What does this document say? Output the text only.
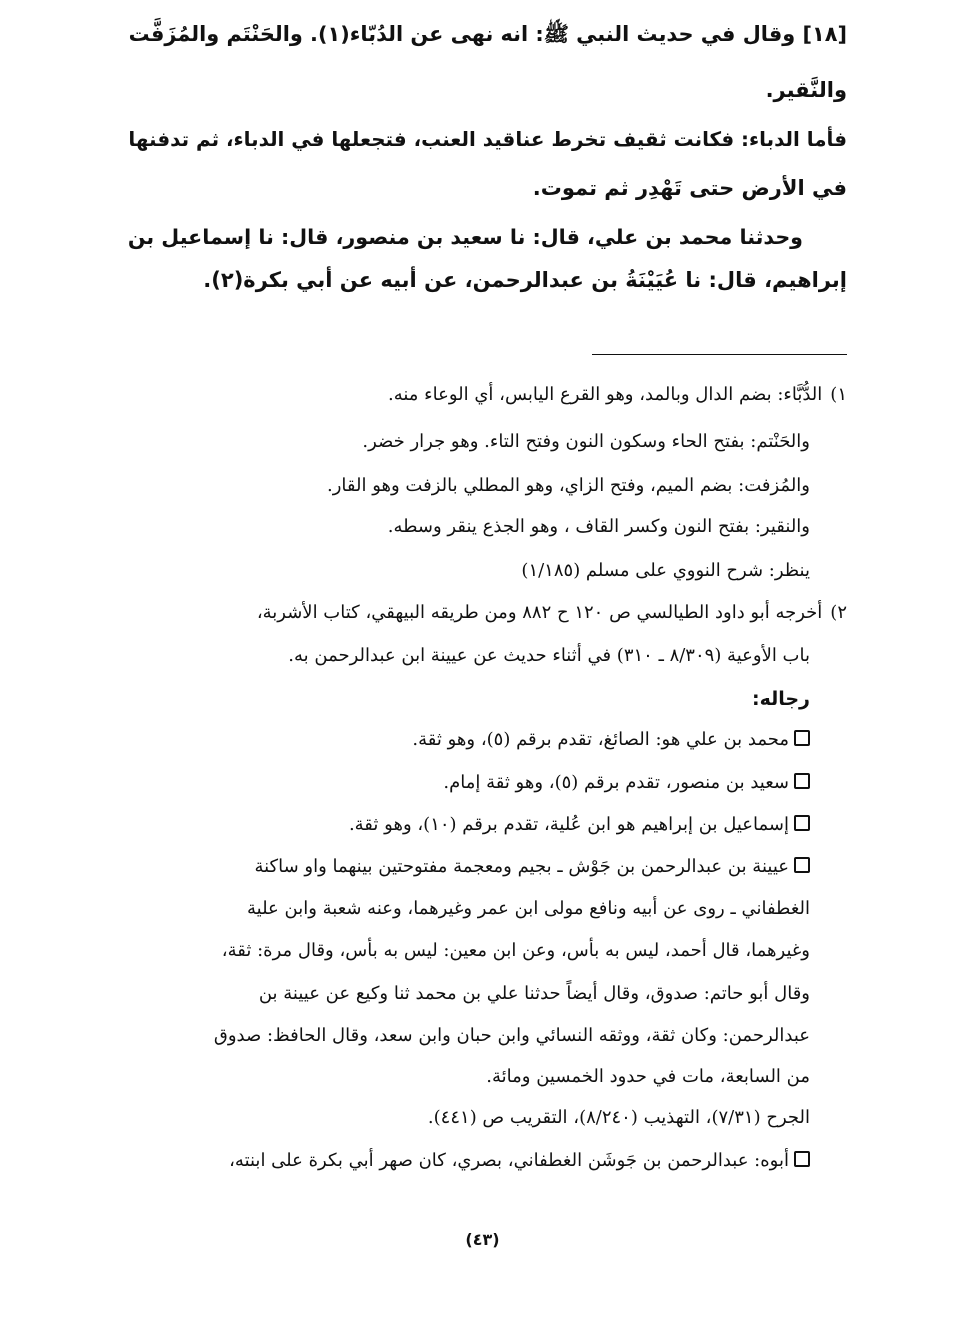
[١٨] وقال في حديث النبي ﷺ: انه نهى عن الدُبّاء(١). والحَنْتَم والمُزَفَّت
والنَّقير.
فأما الدباء: فكانت ثقيف تخرط عناقيد العنب، فتجعلها في الدباء، ثم تدفنها
في الأرض حتى تَهْدِر ثم تموت.
وحدثنا محمد بن علي، قال: نا سعيد بن منصور، قال: نا إسماعيل بن
إبراهيم، قال: نا عُيَيْنَةُ بن عبدالرحمن، عن أبيه عن أبي بكرة(٢).
١)الدُّبَّاء: بضم الدال وبالمد، وهو القرع اليابس، أي الوعاء منه.
والحَنْتم: بفتح الحاء وسكون النون وفتح التاء. وهو جرار خضر.
والمُزفت: بضم الميم، وفتح الزاي، وهو المطلي بالزفت وهو القار.
والنقير: بفتح النون وكسر القاف ، وهو الجذع ينقر وسطه.
ينظر: شرح النووي على مسلم (١/١٨٥)
٢)أخرجه أبو داود الطيالسي ص ١٢٠ ح ٨٨٢ ومن طريقه البيهقي، كتاب الأشربة،
باب الأوعية (٨/٣٠٩ ـ ٣١٠) في أثناء حديث عن عيينة ابن عبدالرحمن به.
رجاله:
محمد بن علي هو: الصائغ، تقدم برقم (٥)، وهو ثقة.
سعيد بن منصور، تقدم برقم (٥)، وهو ثقة إمام.
إسماعيل بن إبراهيم هو ابن عُلية، تقدم برقم (١٠)، وهو ثقة.
عيينة بن عبدالرحمن بن جَوْش ـ بجيم ومعجمة مفتوحتين بينهما واو ساكنة
الغطفاني ـ روى عن أبيه ونافع مولى ابن عمر وغيرهما، وعنه شعبة وابن علية
وغيرهما، قال أحمد، ليس به بأس، وعن ابن معين: ليس به بأس، وقال مرة: ثقة،
وقال أبو حاتم: صدوق، وقال أيضاً حدثنا علي بن محمد ثنا وكيع عن عيينة بن
عبدالرحمن: وكان ثقة، ووثقه النسائي وابن حبان وابن سعد، وقال الحافظ: صدوق
من السابعة، مات في حدود الخمسين ومائة.
الجرح (٧/٣١)، التهذيب (٨/٢٤٠)، التقريب ص (٤٤١).
أبوه: عبدالرحمن بن جَوشَن الغطفاني، بصري، كان صهر أبي بكرة على ابنته،
(٤٣)
